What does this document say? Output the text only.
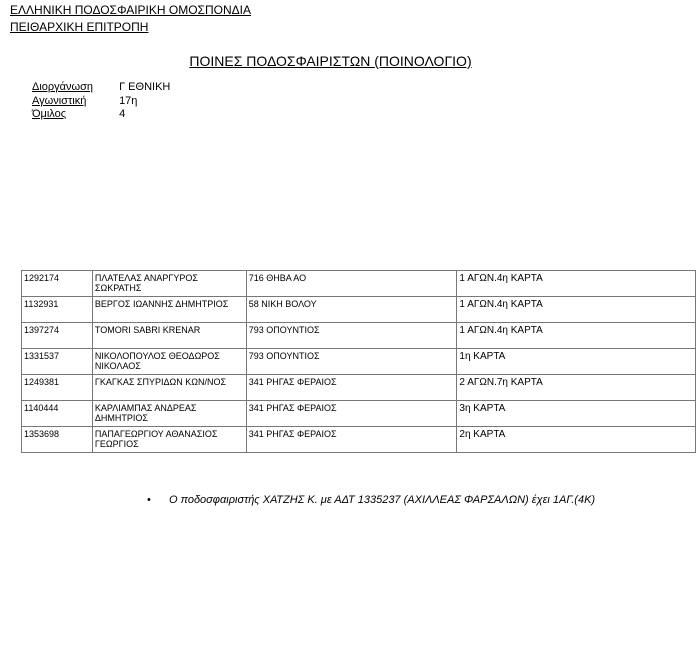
ΕΛΛΗΝΙΚΗ ΠΟΔΟΣΦΑΙΡΙΚΗ ΟΜΟΣΠΟΝΔΙΑ
ΠΕΙΘΑΡΧΙΚΗ ΕΠΙΤΡΟΠΗ
ΠΟΙΝΕΣ ΠΟΔΟΣΦΑΙΡΙΣΤΩΝ (ΠΟΙΝΟΛΟΓΙΟ)
Διοργάνωση Γ ΕΘΝΙΚΗ
Αγωνιστική	17η
Όμιλος	4
1292174	ΠΛΑΤΕΛΑΣ ΑΝΑΡΓΥΡΟΣ ΣΩΚΡΑΤΗΣ	716 ΘΗΒΑ ΑΟ	1 ΑΓΩΝ.4η ΚΑΡΤΑ
1132931	ΒΕΡΓΟΣ ΙΩΑΝΝΗΣ ΔΗΜΗΤΡΙΟΣ	58 ΝΙΚΗ ΒΟΛΟΥ	1 ΑΓΩΝ.4η ΚΑΡΤΑ
1397274	TOMORI SABRI KRENAR	793 ΟΠΟΥΝΤΙΟΣ	1 ΑΓΩΝ.4η ΚΑΡΤΑ
1331537	ΝΙΚΟΛΟΠΟΥΛΟΣ ΘΕΟΔΩΡΟΣ ΝΙΚΟΛΑΟΣ	793 ΟΠΟΥΝΤΙΟΣ	1η ΚΑΡΤΑ
1249381	ΓΚΑΓΚΑΣ ΣΠΥΡΙΔΩΝ ΚΩΝ/ΝΟΣ	341 ΡΗΓΑΣ ΦΕΡΑΙΟΣ	2 ΑΓΩΝ.7η ΚΑΡΤΑ
1140444	ΚΑΡΛΙΑΜΠΑΣ ΑΝΔΡΕΑΣ ΔΗΜΗΤΡΙΟΣ	341 ΡΗΓΑΣ ΦΕΡΑΙΟΣ	3η ΚΑΡΤΑ
1353698	ΠΑΠΑΓΕΩΡΓΙΟΥ ΑΘΑΝΑΣΙΟΣ ΓΕΩΡΓΙΟΣ	341 ΡΗΓΑΣ ΦΕΡΑΙΟΣ	2η ΚΑΡΤΑ
• Ο ποδοσφαιριστής ΧΑΤΖΗΣ Κ. με ΑΔΤ 1335237 (ΑΧΙΛΛΕΑΣ ΦΑΡΣΑΛΩΝ) έχει 1ΑΓ.(4Κ)
